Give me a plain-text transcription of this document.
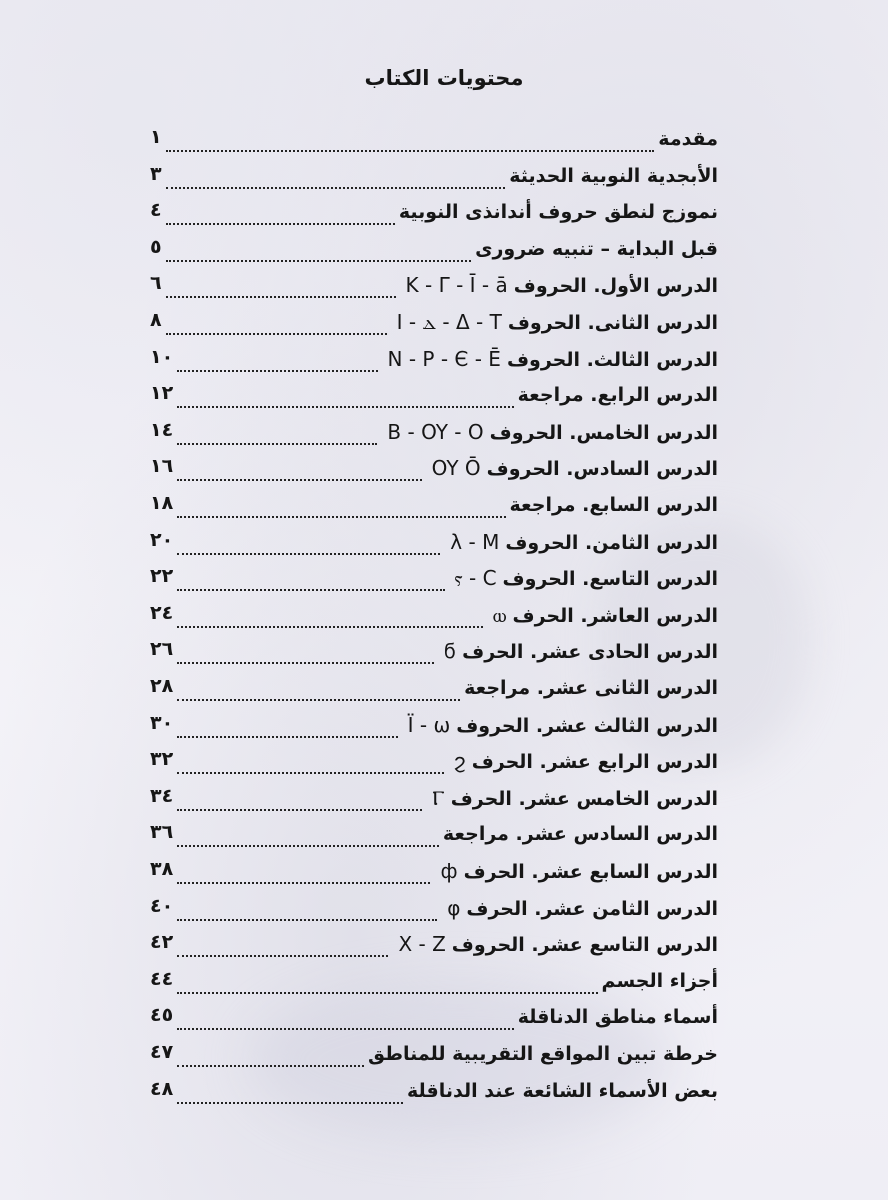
محتويات الكتاب
مقدمة
١
الأبجدية النوبية الحديثة
٣
نموزج لنطق حروف أندانذى النوبية
٤
قبل البداية – تنبيه ضرورى
٥
الدرس الأول. الحروفK - Γ - Ī - ā
٦
الدرس الثانى. الحروفI - ⲇ - Δ - T
٨
الدرس الثالث. الحروفN - P - Є - Ē
١٠
الدرس الرابع. مراجعة
١٢
الدرس الخامس. الحروفB - OY - O
١٤
الدرس السادس. الحروفOY Ō
١٦
الدرس السابع. مراجعة
١٨
الدرس الثامن. الحروفλ - M
٢٠
الدرس التاسع. الحروفⲋ - C
٢٢
الدرس العاشر. الحرفⲱ
٢٤
الدرس الحادى عشر. الحرفϭ
٢٦
الدرس الثانى عشر. مراجعة
٢٨
الدرس الثالث عشر. الحروفÏ - ω
٣٠
الدرس الرابع عشر. الحرفϩ
٣٢
الدرس الخامس عشر. الحرفⲄ
٣٤
الدرس السادس عشر. مراجعة
٣٦
الدرس السابع عشر. الحرفф
٣٨
الدرس الثامن عشر. الحرفφ
٤٠
الدرس التاسع عشر. الحروفX - Z
٤٢
أجزاء الجسم
٤٤
أسماء مناطق الدناقلة
٤٥
خرطة تبين المواقع التقريبية للمناطق
٤٧
بعض الأسماء الشائعة عند الدناقلة
٤٨
